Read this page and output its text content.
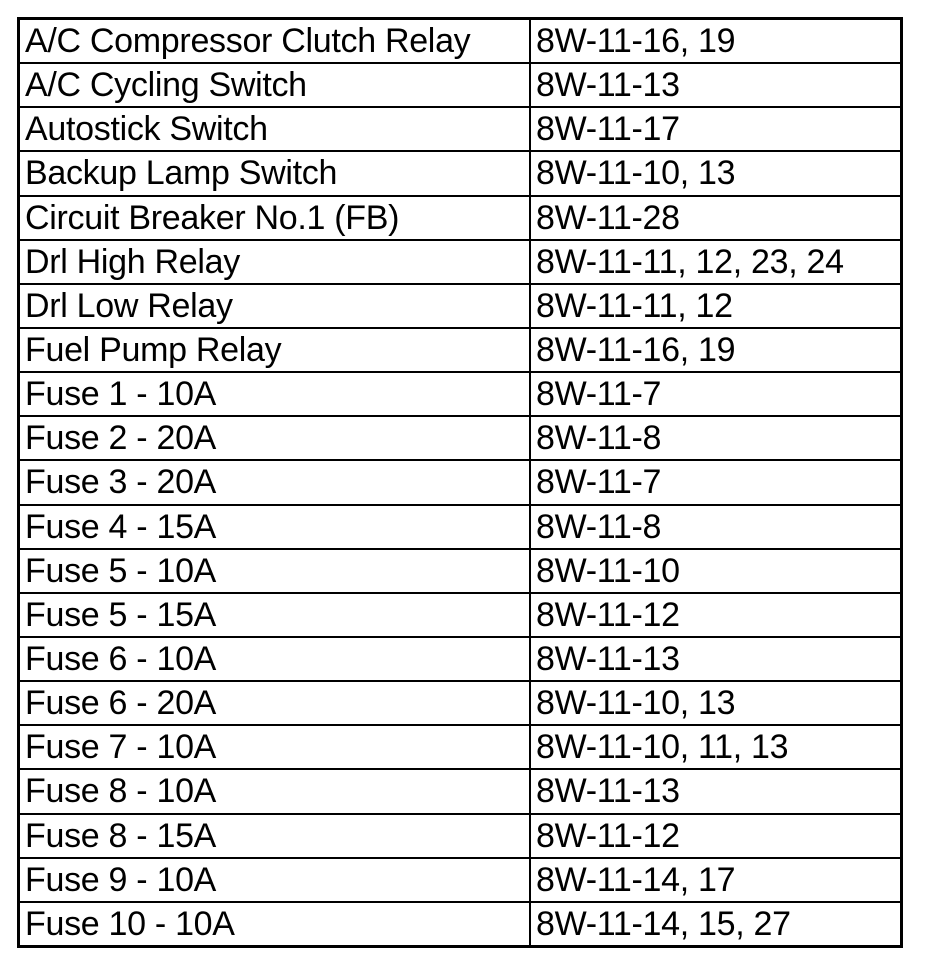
A/C Compressor Clutch Relay	8W-11-16, 19
A/C Cycling Switch	8W-11-13
Autostick Switch	8W-11-17
Backup Lamp Switch	8W-11-10, 13
Circuit Breaker No.1 (FB)	8W-11-28
Drl High Relay	8W-11-11, 12, 23, 24
Drl Low Relay	8W-11-11, 12
Fuel Pump Relay	8W-11-16, 19
Fuse 1 - 10A	8W-11-7
Fuse 2 - 20A	8W-11-8
Fuse 3 - 20A	8W-11-7
Fuse 4 - 15A	8W-11-8
Fuse 5 - 10A	8W-11-10
Fuse 5 - 15A	8W-11-12
Fuse 6 - 10A	8W-11-13
Fuse 6 - 20A	8W-11-10, 13
Fuse 7 - 10A	8W-11-10, 11, 13
Fuse 8 - 10A	8W-11-13
Fuse 8 - 15A	8W-11-12
Fuse 9 - 10A	8W-11-14, 17
Fuse 10 - 10A	8W-11-14, 15, 27
